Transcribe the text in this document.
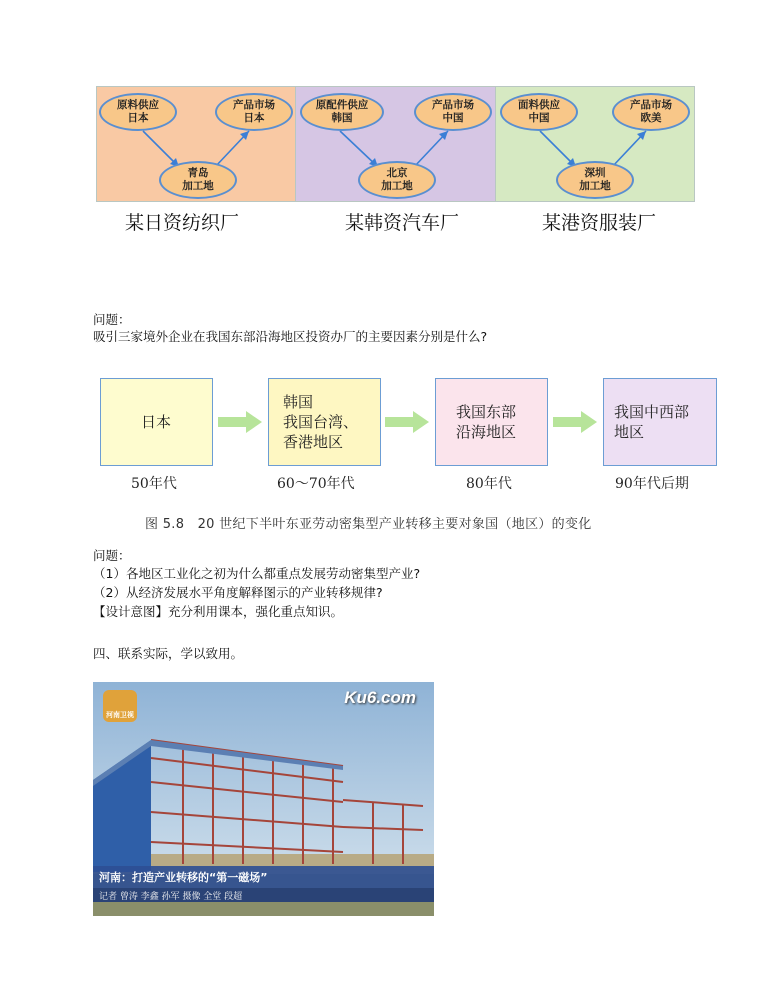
原料供应
日本
产品市场
日本
青岛
加工地
原配件供应
韩国
产品市场
中国
北京
加工地
面料供应
中国
产品市场
欧美
深圳
加工地
某日资纺织厂	某韩资汽车厂	某港资服装厂
问题：
吸引三家境外企业在我国东部沿海地区投资办厂的主要因素分别是什么?
日本
韩国
我国台湾、
香港地区
我国东部
沿海地区
我国中西部
地区
50年代	60～70年代	80年代	90年代后期
图 5.8　20 世纪下半叶东亚劳动密集型产业转移主要对象国（地区）的变化
问题：
（1）各地区工业化之初为什么都重点发展劳动密集型产业?
（2）从经济发展水平角度解释图示的产业转移规律?
【设计意图】充分利用课本，强化重点知识。
四、联系实际，学以致用。
河南卫视
Ku6.com
河南：打造产业转移的“第一磁场”
记者 曾涛 李鑫 孙军 摄像 全堂 段超
